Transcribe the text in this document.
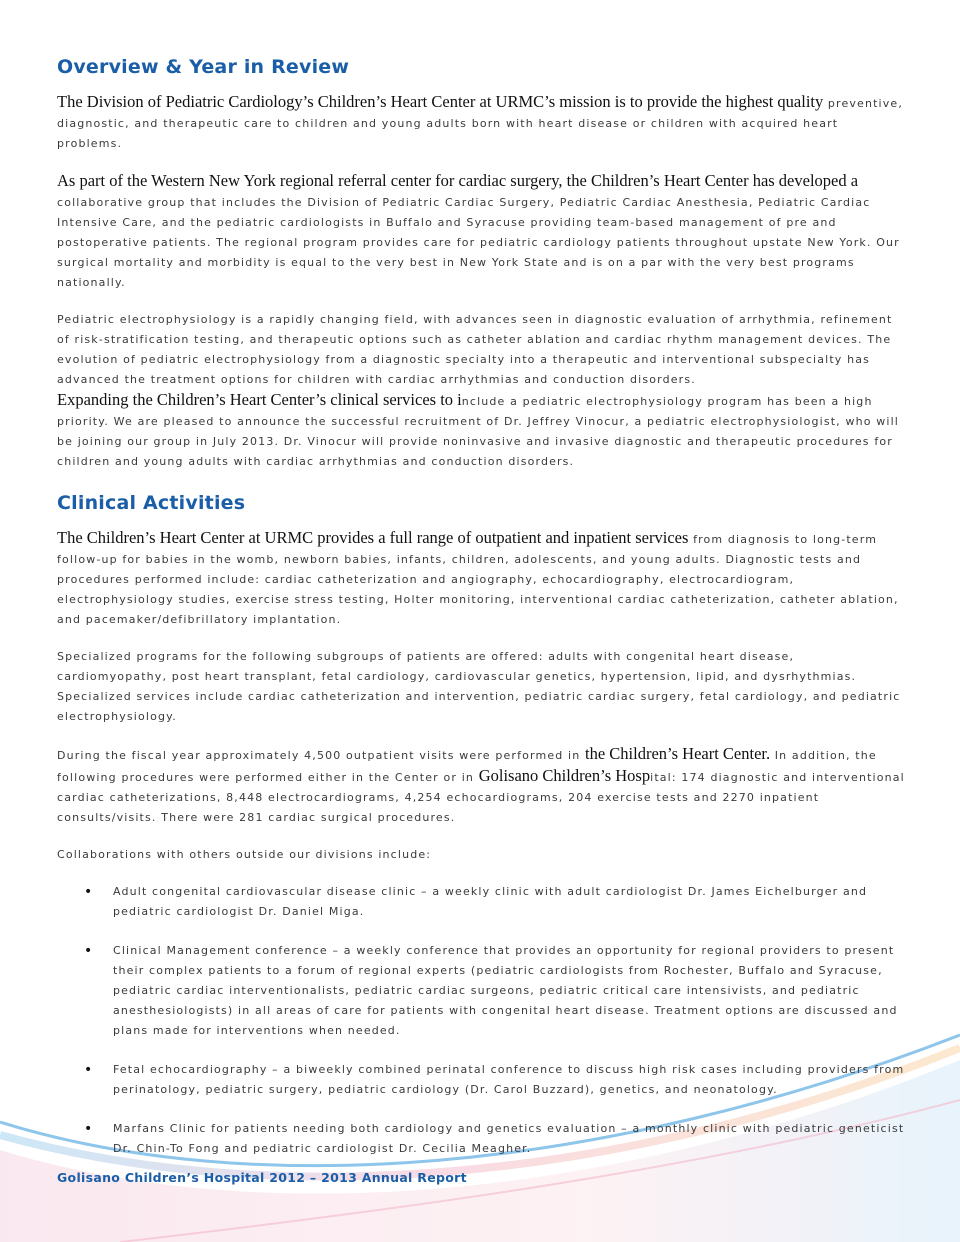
Overview & Year in Review

The Division of Pediatric Cardiology’s Children’s Heart Center at URMC’s mission is to provide the highest quality preventive, diagnostic, and therapeutic care to children and young adults born with heart disease or children with acquired heart problems.

As part of the Western New York regional referral center for cardiac surgery, the Children’s Heart Center has developed a collaborative group that includes the Division of Pediatric Cardiac Surgery, Pediatric Cardiac Anesthesia, Pediatric Cardiac Intensive Care, and the pediatric cardiologists in Buffalo and Syracuse providing team-based management of pre and postoperative patients. The regional program provides care for pediatric cardiology patients throughout upstate New York. Our surgical mortality and morbidity is equal to the very best in New York State and is on a par with the very best programs nationally.

Pediatric electrophysiology is a rapidly changing field, with advances seen in diagnostic evaluation of arrhythmia, refinement of risk-stratification testing, and therapeutic options such as catheter ablation and cardiac rhythm management devices. The evolution of pediatric electrophysiology from a diagnostic specialty into a therapeutic and interventional subspecialty has advanced the treatment options for children with cardiac arrhythmias and conduction disorders.

Expanding the Children’s Heart Center’s clinical services to include a pediatric electrophysiology program has been a high priority. We are pleased to announce the successful recruitment of Dr. Jeffrey Vinocur, a pediatric electrophysiologist, who will be joining our group in July 2013. Dr. Vinocur will provide noninvasive and invasive diagnostic and therapeutic procedures for children and young adults with cardiac arrhythmias and conduction disorders.

Clinical Activities

The Children’s Heart Center at URMC provides a full range of outpatient and inpatient services from diagnosis to long-term follow-up for babies in the womb, newborn babies, infants, children, adolescents, and young adults. Diagnostic tests and procedures performed include: cardiac catheterization and angiography, echocardiography, electrocardiogram, electrophysiology studies, exercise stress testing, Holter monitoring, interventional cardiac catheterization, catheter ablation, and pacemaker/defibrillatory implantation.

Specialized programs for the following subgroups of patients are offered: adults with congenital heart disease, cardiomyopathy, post heart transplant, fetal cardiology, cardiovascular genetics, hypertension, lipid, and dysrhythmias. Specialized services include cardiac catheterization and intervention, pediatric cardiac surgery, fetal cardiology, and pediatric electrophysiology.

During the fiscal year approximately 4,500 outpatient visits were performed in the Children’s Heart Center. In addition, the following procedures were performed either in the Center or in Golisano Children’s Hospital: 174 diagnostic and interventional cardiac catheterizations, 8,448 electrocardiograms, 4,254 echocardiograms, 204 exercise tests and 2270 inpatient consults/visits. There were 281 cardiac surgical procedures.

Collaborations with others outside our divisions include:

• Adult congenital cardiovascular disease clinic – a weekly clinic with adult cardiologist Dr. James Eichelburger and pediatric cardiologist Dr. Daniel Miga.
• Clinical Management conference – a weekly conference that provides an opportunity for regional providers to present their complex patients to a forum of regional experts (pediatric cardiologists from Rochester, Buffalo and Syracuse, pediatric cardiac interventionalists, pediatric cardiac surgeons, pediatric critical care intensivists, and pediatric anesthesiologists) in all areas of care for patients with congenital heart disease. Treatment options are discussed and plans made for interventions when needed.
• Fetal echocardiography – a biweekly combined perinatal conference to discuss high risk cases including providers from perinatology, pediatric surgery, pediatric cardiology (Dr. Carol Buzzard), genetics, and neonatology.
• Marfans Clinic for patients needing both cardiology and genetics evaluation – a monthly clinic with pediatric geneticist Dr. Chin-To Fong and pediatric cardiologist Dr. Cecilia Meagher.
Golisano Children’s Hospital 2012 – 2013 Annual Report
